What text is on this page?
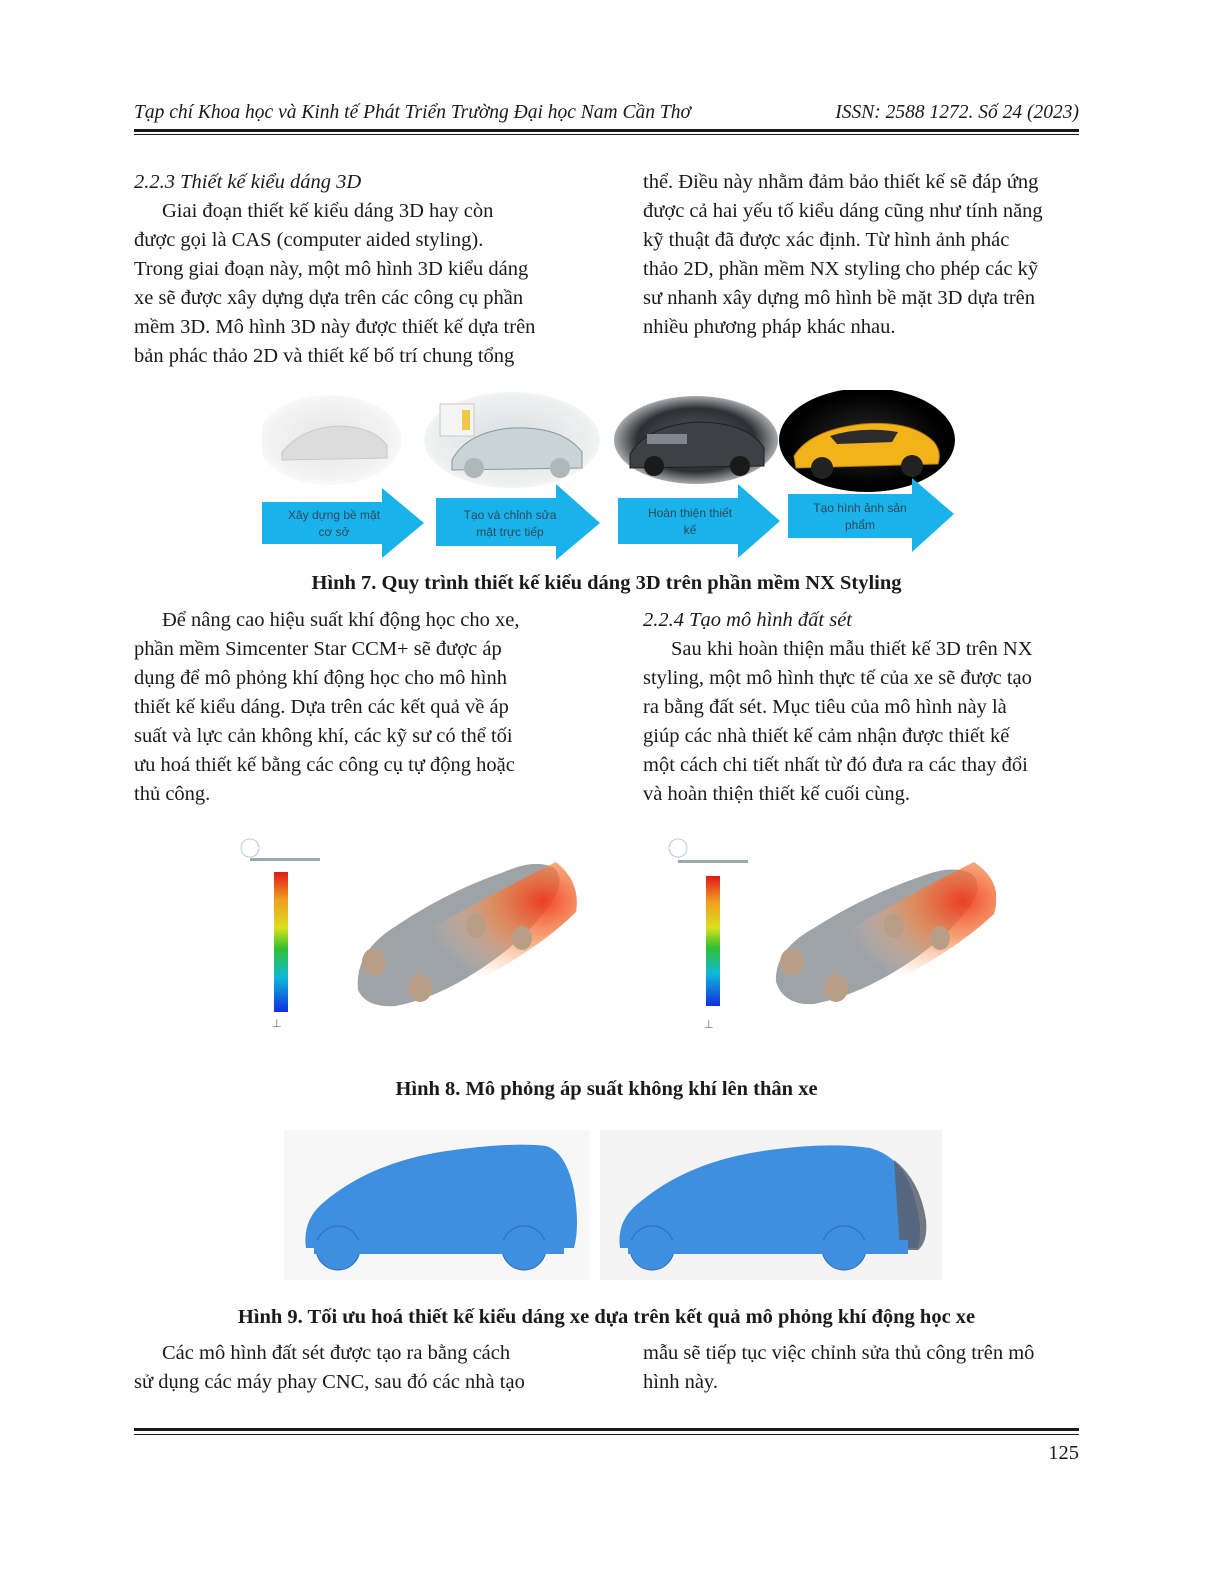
Tạp chí Khoa học và Kinh tế Phát Triển Trường Đại học Nam Cần Thơ	ISSN: 2588 1272. Số 24 (2023)

2.2.3 Thiết kế kiểu dáng 3D

Giai đoạn thiết kế kiểu dáng 3D hay còn

được gọi là CAS (computer aided styling).

Trong giai đoạn này, một mô hình 3D kiểu dáng

xe sẽ được xây dựng dựa trên các công cụ phần

mềm 3D. Mô hình 3D này được thiết kế dựa trên

bản phác thảo 2D và thiết kế bố trí chung tổng

thể. Điều này nhằm đảm bảo thiết kế sẽ đáp ứng

được cả hai yếu tố kiểu dáng cũng như tính năng

kỹ thuật đã được xác định. Từ hình ảnh phác

thảo 2D, phần mềm NX styling cho phép các kỹ

sư nhanh xây dựng mô hình bề mặt 3D dựa trên

nhiều phương pháp khác nhau.

Xây dựng bề mặt
cơ sở
Tạo và chỉnh sửa
mặt trực tiếp
Hoàn thiện thiết
kế
Tạo hình ảnh sản
phẩm
Hình 7. Quy trình thiết kế kiểu dáng 3D trên phần mềm NX Styling

Để nâng cao hiệu suất khí động học cho xe,

phần mềm Simcenter Star CCM+ sẽ được áp

dụng để mô phỏng khí động học cho mô hình

thiết kế kiểu dáng. Dựa trên các kết quả về áp

suất và lực cản không khí, các kỹ sư có thể tối

ưu hoá thiết kế bằng các công cụ tự động hoặc

thủ công.

2.2.4 Tạo mô hình đất sét

Sau khi hoàn thiện mẫu thiết kế 3D trên NX

styling, một mô hình thực tế của xe sẽ được tạo

ra bằng đất sét. Mục tiêu của mô hình này là

giúp các nhà thiết kế cảm nhận được thiết kế

một cách chi tiết nhất từ đó đưa ra các thay đổi

và hoàn thiện thiết kế cuối cùng.

⊥	⊥
Hình 8. Mô phỏng áp suất không khí lên thân xe
Hình 9. Tối ưu hoá thiết kế kiểu dáng xe dựa trên kết quả mô phỏng khí động học xe

Các mô hình đất sét được tạo ra bằng cách

sử dụng các máy phay CNC, sau đó các nhà tạo

mẫu sẽ tiếp tục việc chỉnh sửa thủ công trên mô

hình này.

125
